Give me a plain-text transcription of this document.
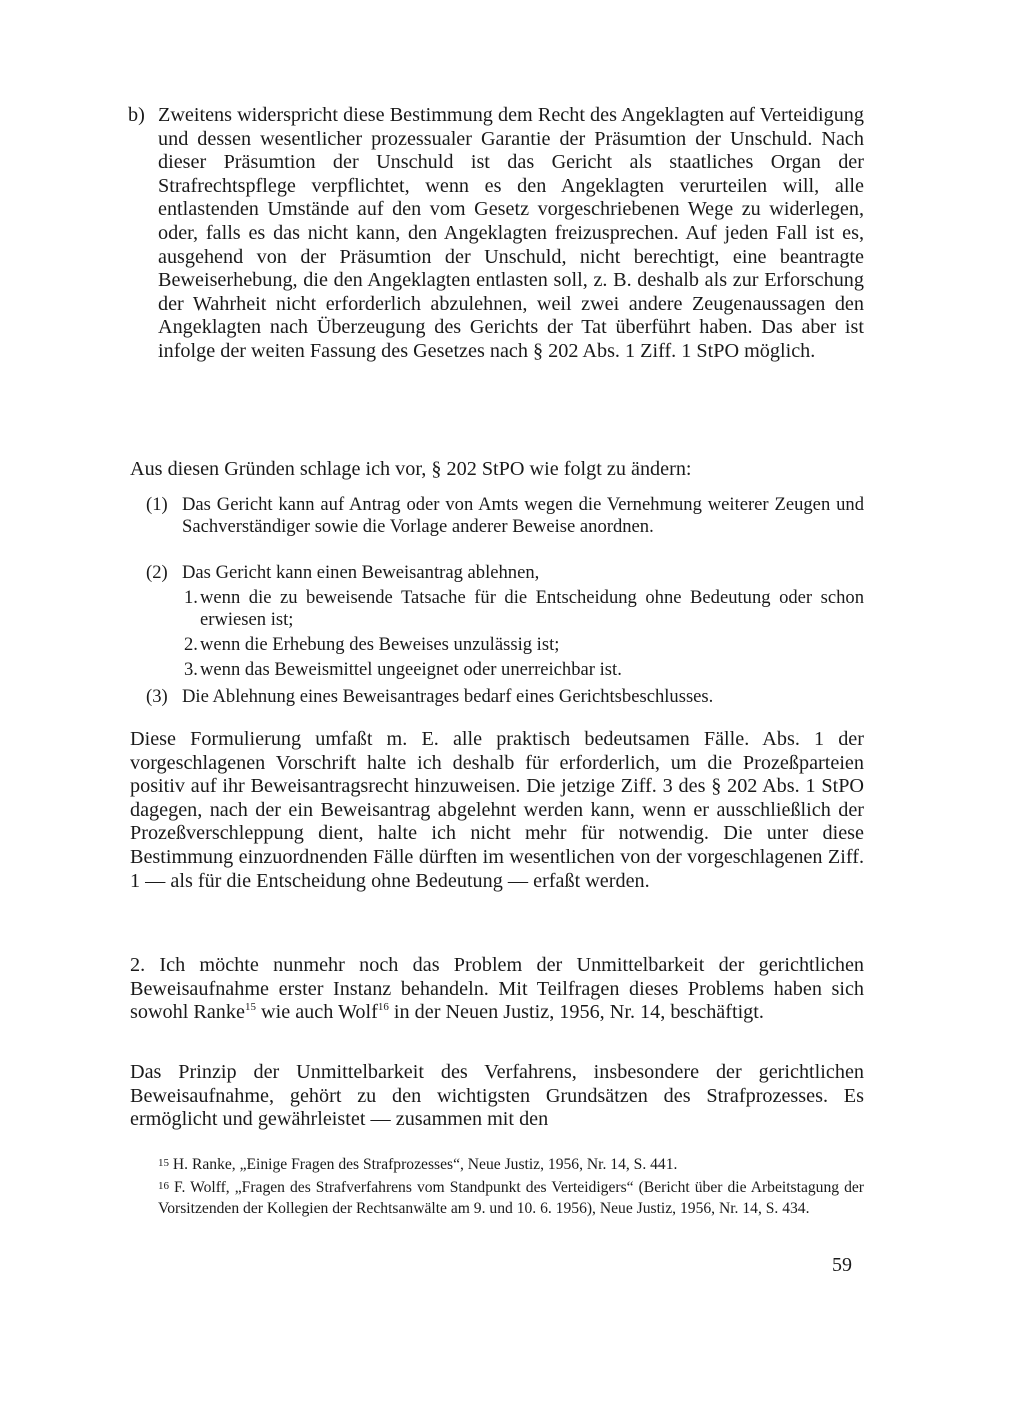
b) Zweitens widerspricht diese Bestimmung dem Recht des Angeklagten auf Verteidigung und dessen wesentlicher prozessualer Garantie der Präsumtion der Unschuld. Nach dieser Präsumtion der Unschuld ist das Gericht als staatliches Organ der Strafrechtspflege verpflichtet, wenn es den Angeklagten verurteilen will, alle entlastenden Umstände auf den vom Gesetz vorgeschriebenen Wege zu widerlegen, oder, falls es das nicht kann, den Angeklagten freizusprechen. Auf jeden Fall ist es, ausgehend von der Präsumtion der Unschuld, nicht berechtigt, eine beantragte Beweiserhebung, die den Angeklagten entlasten soll, z. B. deshalb als zur Erforschung der Wahrheit nicht erforderlich abzulehnen, weil zwei andere Zeugenaussagen den Angeklagten nach Überzeugung des Gerichts der Tat überführt haben. Das aber ist infolge der weiten Fassung des Gesetzes nach § 202 Abs. 1 Ziff. 1 StPO möglich.
Aus diesen Gründen schlage ich vor, § 202 StPO wie folgt zu ändern:
(1) Das Gericht kann auf Antrag oder von Amts wegen die Vernehmung weiterer Zeugen und Sachverständiger sowie die Vorlage anderer Beweise anordnen.
(2) Das Gericht kann einen Beweisantrag ablehnen,
1. wenn die zu beweisende Tatsache für die Entscheidung ohne Bedeutung oder schon erwiesen ist;
2. wenn die Erhebung des Beweises unzulässig ist;
3. wenn das Beweismittel ungeeignet oder unerreichbar ist.
(3) Die Ablehnung eines Beweisantrages bedarf eines Gerichtsbeschlusses.
Diese Formulierung umfaßt m. E. alle praktisch bedeutsamen Fälle. Abs. 1 der vorgeschlagenen Vorschrift halte ich deshalb für erforderlich, um die Prozeßparteien positiv auf ihr Beweisantragsrecht hinzuweisen. Die jetzige Ziff. 3 des § 202 Abs. 1 StPO dagegen, nach der ein Beweisantrag abgelehnt werden kann, wenn er ausschließlich der Prozeßverschleppung dient, halte ich nicht mehr für notwendig. Die unter diese Bestimmung einzuordnenden Fälle dürften im wesentlichen von der vorgeschlagenen Ziff. 1 — als für die Entscheidung ohne Bedeutung — erfaßt werden.
2. Ich möchte nunmehr noch das Problem der Unmittelbarkeit der gerichtlichen Beweisaufnahme erster Instanz behandeln. Mit Teilfragen dieses Problems haben sich sowohl Ranke$^{15}$ wie auch Wolf$^{16}$ in der Neuen Justiz, 1956, Nr. 14, beschäftigt.
Das Prinzip der Unmittelbarkeit des Verfahrens, insbesondere der gerichtlichen Beweisaufnahme, gehört zu den wichtigsten Grundsätzen des Strafprozesses. Es ermöglicht und gewährleistet — zusammen mit den
15 H. Ranke, „Einige Fragen des Strafprozesses“, Neue Justiz, 1956, Nr. 14, S. 441.
16 F. Wolff, „Fragen des Strafverfahrens vom Standpunkt des Verteidigers“ (Bericht über die Arbeitstagung der Vorsitzenden der Kollegien der Rechtsanwälte am 9. und 10. 6. 1956), Neue Justiz, 1956, Nr. 14, S. 434.
59
